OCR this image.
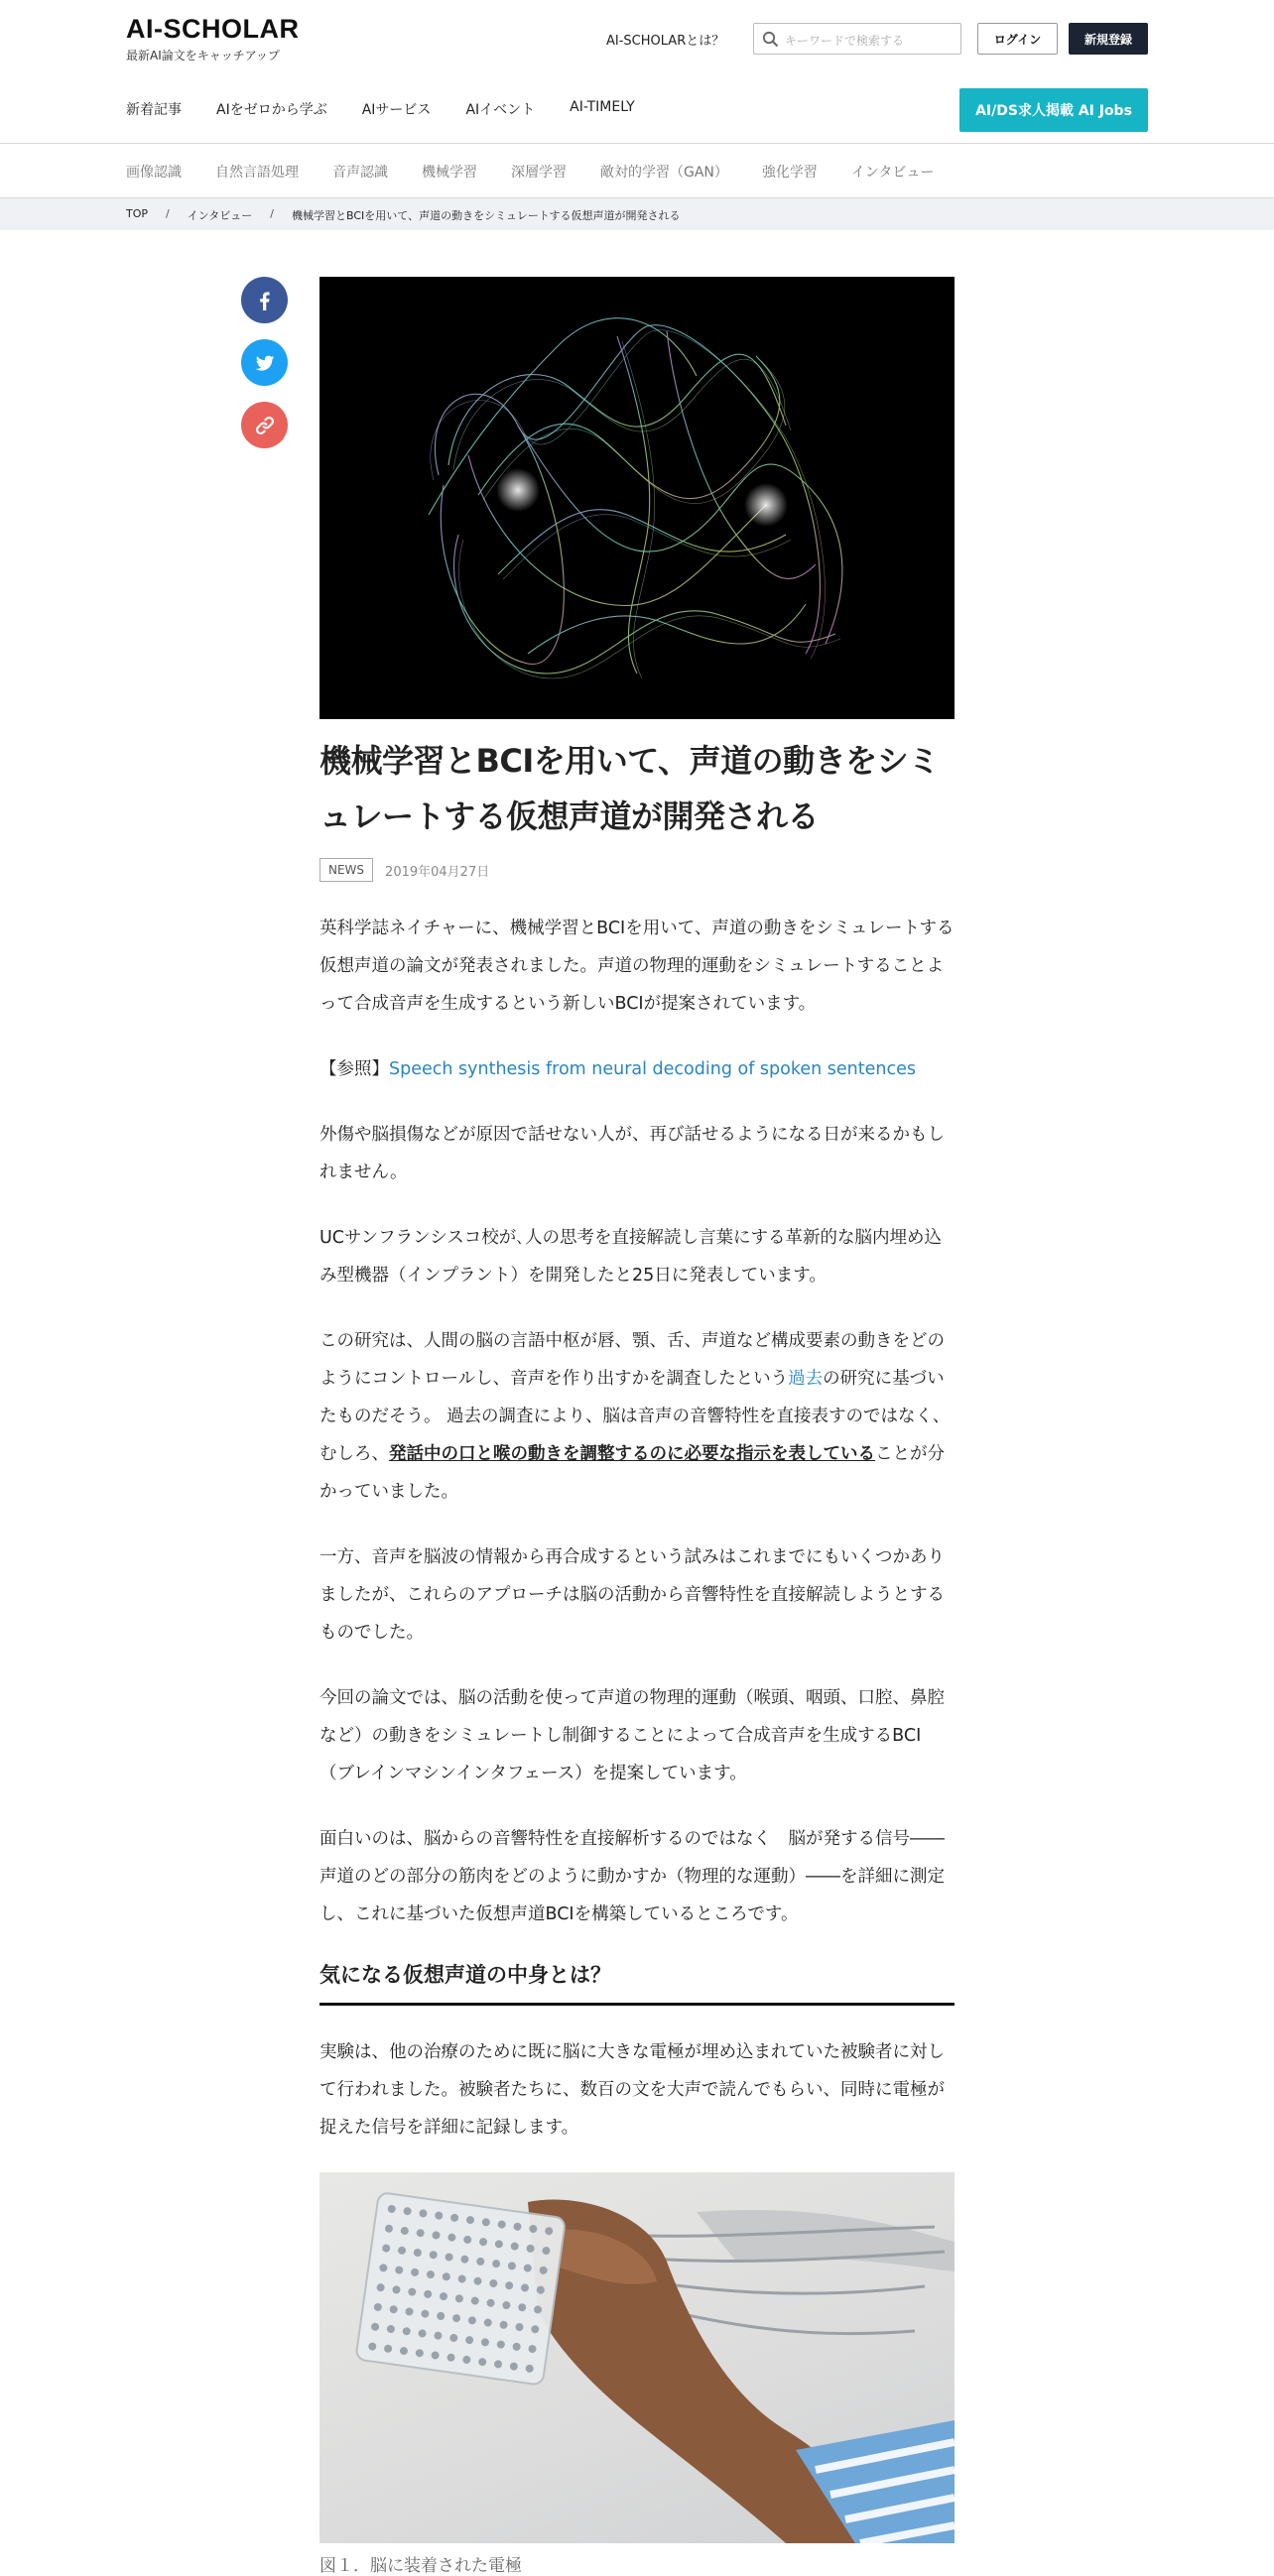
AI-SCHOLAR
最新AI論文をキャッチアップ
AI-SCHOLARとは？	キーワードで検索する	ログイン	新規登録
新着記事	AIをゼロから学ぶ	AIサービス	AIイベント	AI-TIMELY	AI/DS求人掲載 AI Jobs
画像認識 自然言語処理 音声認識 機械学習 深層学習 敵対的学習（GAN） 強化学習 インタビュー
TOP / インタビュー / 機械学習とBCIを用いて、声道の動きをシミュレートする仮想声道が開発される
機械学習とBCIを用いて、声道の動きをシミュレートする仮想声道が開発される
NEWS	2019年04月27日

英科学誌ネイチャーに、機械学習とBCIを用いて、声道の動きをシミュレートする仮想声道の論文が発表されました。声道の物理的運動をシミュレートすることよって合成音声を生成するという新しいBCIが提案されています。

【参照】Speech synthesis from neural decoding of spoken sentences

外傷や脳損傷などが原因で話せない人が、再び話せるようになる日が来るかもしれません。

UCサンフランシスコ校が､人の思考を直接解読し言葉にする革新的な脳内埋め込み型機器（インプラント）を開発したと25日に発表しています。

この研究は、人間の脳の言語中枢が唇、顎、舌、声道など構成要素の動きをどのようにコントロールし、音声を作り出すかを調査したという過去の研究に基づいたものだそう。 過去の調査により、脳は音声の音響特性を直接表すのではなく、むしろ、発話中の口と喉の動きを調整するのに必要な指示を表していることが分かっていました。

一方、音声を脳波の情報から再合成するという試みはこれまでにもいくつかありましたが、これらのアプローチは脳の活動から音響特性を直接解読しようとするものでした。

今回の論文では、脳の活動を使って声道の物理的運動（喉頭、咽頭、口腔、鼻腔など）の動きをシミュレートし制御することによって合成音声を生成するBCI（ブレインマシンインタフェース）を提案しています。

面白いのは、脳からの音響特性を直接解析するのではなく　脳が発する信号――声道のどの部分の筋肉をどのように動かすか（物理的な運動）――を詳細に測定し、これに基づいた仮想声道BCIを構築しているところです。

気になる仮想声道の中身とは？

実験は、他の治療のために既に脳に大きな電極が埋め込まれていた被験者に対して行われました。被験者たちに、数百の文を大声で読んでもらい、同時に電極が捉えた信号を詳細に記録します。

図１．脳に装着された電極
